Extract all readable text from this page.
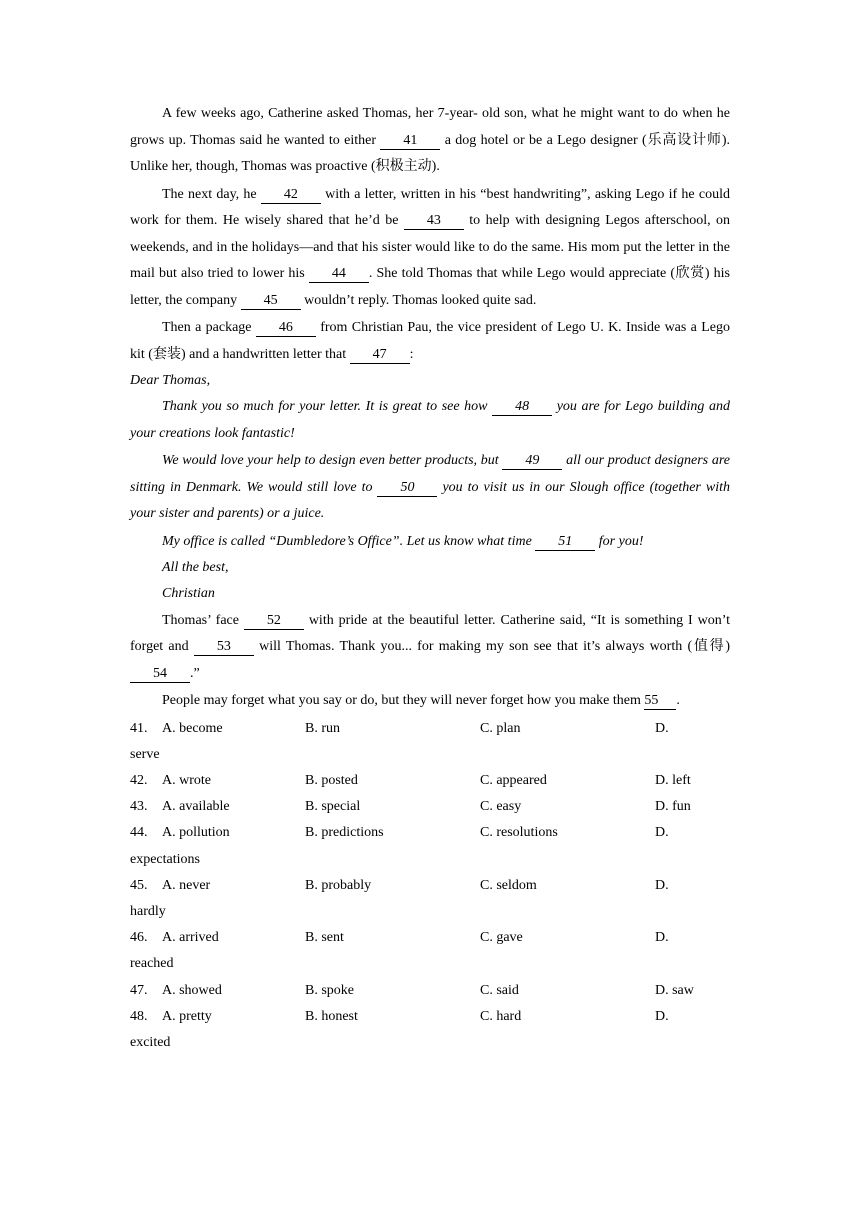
A few weeks ago, Catherine asked Thomas, her 7-year- old son, what he might want to do when he grows up. Thomas said he wanted to either 41 a dog hotel or be a Lego designer (乐高设计师). Unlike her, though, Thomas was proactive (积极主动).

The next day, he 42 with a letter, written in his “best handwriting”, asking Lego if he could work for them. He wisely shared that he’d be 43 to help with designing Legos afterschool, on weekends, and in the holidays—and that his sister would like to do the same. His mom put the letter in the mail but also tried to lower his 44 . She told Thomas that while Lego would appreciate (欣赏) his letter, the company 45 wouldn’t reply. Thomas looked quite sad.

Then a package 46 from Christian Pau, the vice president of Lego U. K. Inside was a Lego kit (套装) and a handwritten letter that 47 :

Dear Thomas,

Thank you so much for your letter. It is great to see how 48 you are for Lego building and your creations look fantastic!

We would love your help to design even better products, but 49 all our product designers are sitting in Denmark. We would still love to 50 you to visit us in our Slough office (together with your sister and parents) or a juice.

My office is called “Dumbledore’s Office”. Let us know what time 51 for you!

All the best,

Christian

Thomas’ face 52 with pride at the beautiful letter. Catherine said, “It is something I won’t forget and 53 will Thomas. Thank you... for making my son see that it’s always worth (值得) 54 .”

People may forget what you say or do, but they will never forget how you make them 55 .

41. A. become	B. run	C. plan	D.
serve
42. A. wrote	B. posted	C. appeared	D. left
43. A. available	B. special	C. easy	D. fun
44. A. pollution	B. predictions	C. resolutions	D.
expectations
45. A. never	B. probably	C. seldom	D.
hardly
46. A. arrived	B. sent	C. gave	D.
reached
47. A. showed	B. spoke	C. said	D. saw
48. A. pretty	B. honest	C. hard	D.
excited
